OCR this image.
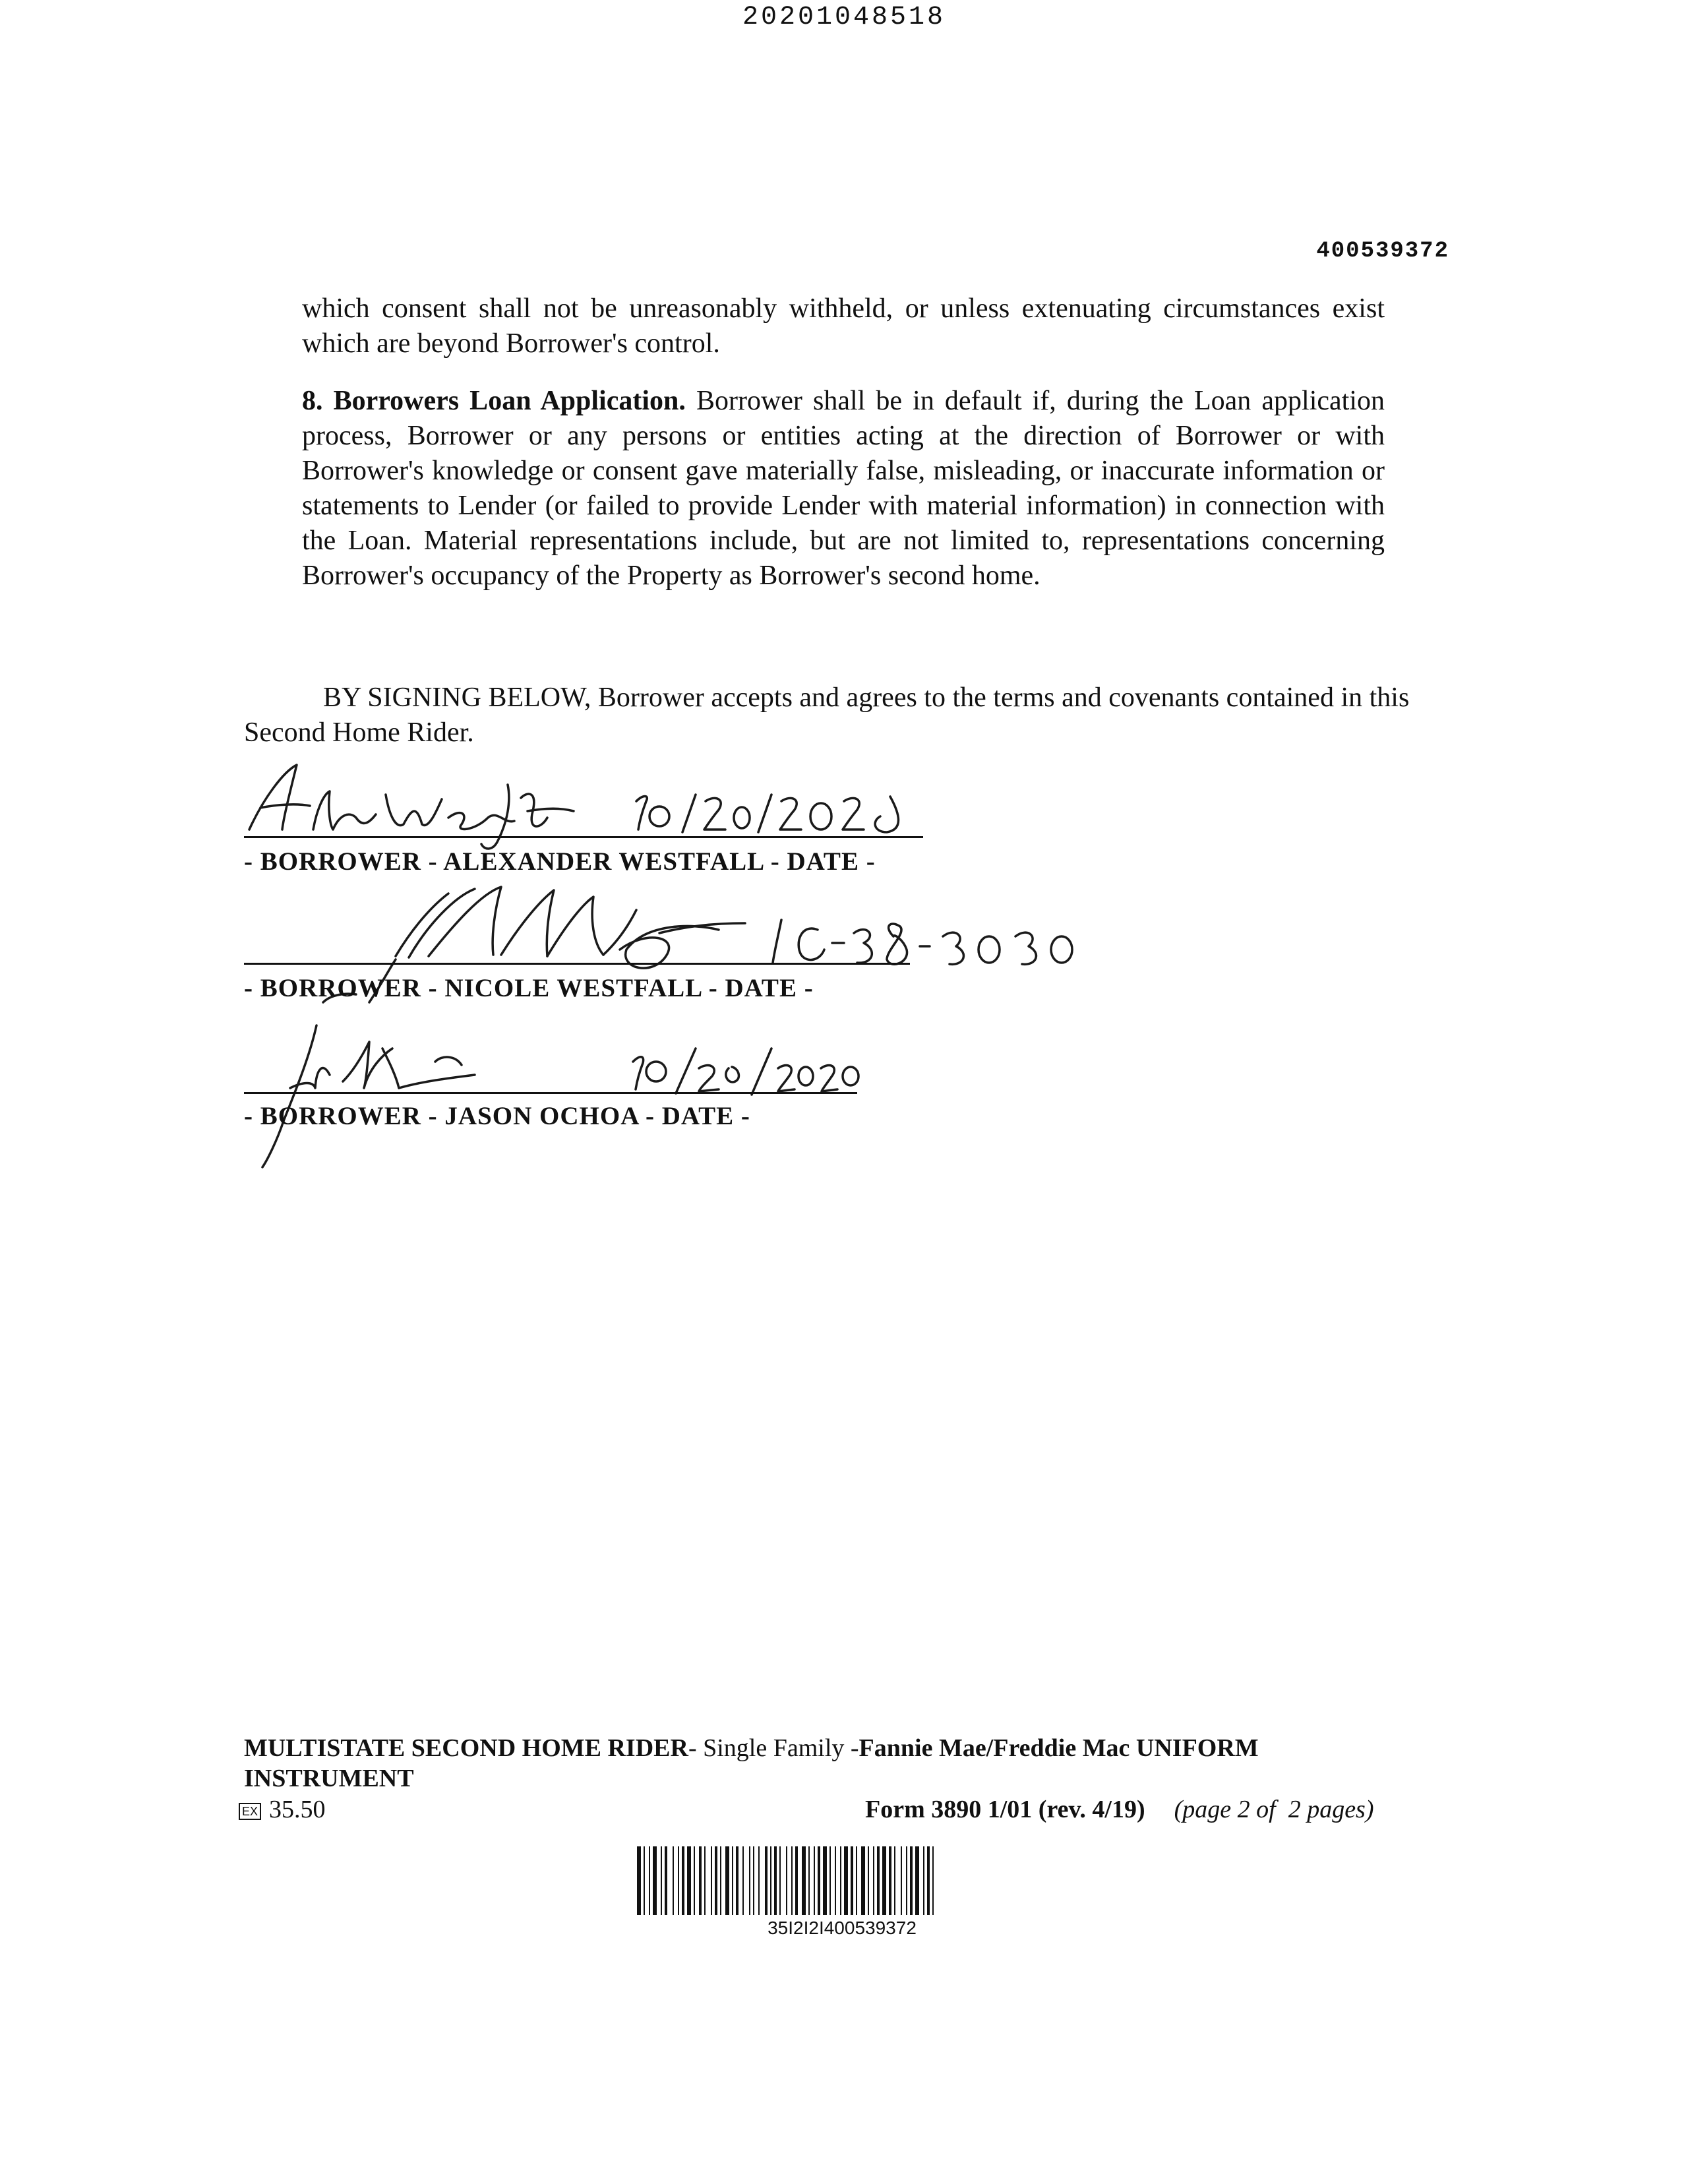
20201048518
400539372
which consent shall not be unreasonably withheld, or unless extenuating circumstances exist which are beyond Borrower's control.
8. Borrowers Loan Application. Borrower shall be in default if, during the Loan application process, Borrower or any persons or entities acting at the direction of Borrower or with Borrower's knowledge or consent gave materially false, misleading, or inaccurate information or statements to Lender (or failed to provide Lender with material information) in connection with the Loan. Material representations include, but are not limited to, representations concerning Borrower's occupancy of the Property as Borrower's second home.
BY SIGNING BELOW, Borrower accepts and agrees to the terms and covenants contained in this Second Home Rider.
- BORROWER - ALEXANDER WESTFALL - DATE -
- BORROWER - NICOLE WESTFALL - DATE -
- BORROWER - JASON OCHOA - DATE -
MULTISTATE SECOND HOME RIDER- Single Family -Fannie Mae/Freddie Mac UNIFORM INSTRUMENT
EX 35.50	Form 3890 1/01 (rev. 4/19) (page 2 of  2 pages)
35I2I2I400539372
